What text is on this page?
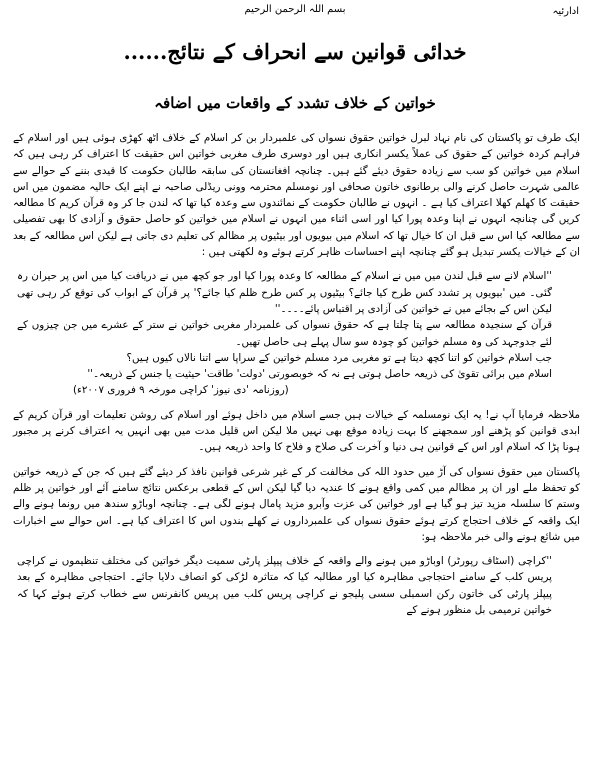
ادارئیہ
بسم اللہ الرحمن الرحیم
خدائی قوانین سے انحراف کے نتائج......
خواتین کے خلاف تشدد کے واقعات میں اضافہ

ایک طرف تو پاکستان کی نام نہاد لبرل خواتین حقوق نسواں کی علمبردار بن کر اسلام کے خلاف اٹھ کھڑی ہوئی ہیں اور اسلام کے فراہم کردہ خواتین کے حقوق کی عملاً یکسر انکاری ہیں اور دوسری طرف مغربی خواتین اس حقیقت کا اعتراف کر رہی ہیں کہ اسلام میں خواتین کو سب سے زیادہ حقوق دیئے گئے ہیں۔ چنانچہ افغانستان کی سابقہ طالبان حکومت کا قیدی بننے کے حوالے سے عالمی شہرت حاصل کرنے والی برطانوی خاتون صحافی اور نومسلم محترمہ وونی ریڈلی صاحبہ نے اپنے ایک حالیہ مضمون میں اس حقیقت کا کھلم کھلا اعتراف کیا ہے ۔ انہوں نے طالبان حکومت کے نمائندوں سے وعدہ کیا تھا کہ لندن جا کر وہ قرآن کریم کا مطالعہ کریں گی چنانچہ انہوں نے اپنا وعدہ پورا کیا اور اسی اثناء میں انہوں نے اسلام میں خواتین کو حاصل حقوق و آزادی کا بھی تفصیلی سے مطالعہ کیا اس سے قبل ان کا خیال تھا کہ اسلام میں بیویوں اور بیٹیوں پر مظالم کی تعلیم دی جاتی ہے لیکن اس مطالعہ کے بعد ان کے خیالات یکسر تبدیل ہو گئے چنانچہ اپنے احساسات ظاہر کرتے ہوئے وہ لکھتی ہیں :

''اسلام لانے سے قبل لندن میں میں نے اسلام کے مطالعہ کا وعدہ پورا کیا اور جو کچھ میں نے دریافت کیا میں اس پر حیران رہ گئی۔ میں 'بیویوں پر تشدد کس طرح کیا جائے؟ بیٹیوں پر کس طرح ظلم کیا جائے؟' پر قرآن کے ابواب کی توقع کر رہی تھی لیکن اس کے بجائے میں نے خواتین کی آزادی پر اقتباس پائے۔۔۔۔''

قرآن کے سنجیدہ مطالعہ سے پتا چلتا ہے کہ حقوق نسواں کی علمبردار مغربی خواتین نے ستر کے عشرے میں جن چیزوں کے لئے جدوجہد کی وہ مسلم خواتین کو چودہ سو سال پہلے ہی حاصل تھیں۔

جب اسلام خواتین کو اتنا کچھ دیتا ہے تو مغربی مرد مسلم خواتین کے سراپا سے اتنا نالاں کیوں ہیں؟

اسلام میں برائی تقویٰ کی ذریعہ حاصل ہوتی ہے نہ کہ خوبصورتی 'دولت' طاقت' حیثیت یا جنس کے ذریعہ۔''

(روزنامہ 'دی نیوز' کراچی مورخہ ۹ فروری ۲۰۰۷ء)

ملاحظہ فرمایا آپ نے! یہ ایک نومسلمہ کے خیالات ہیں جسے اسلام میں داخل ہوئے اور اسلام کی روشن تعلیمات اور قرآن کریم کے ابدی قوانین کو پڑھنے اور سمجھنے کا بہت زیادہ موقع بھی نہیں ملا لیکن اس قلیل مدت میں بھی انہیں یہ اعتراف کرنے پر مجبور ہونا پڑا کہ اسلام اور اس کے قوانین ہی دنیا و آخرت کی صلاح و فلاح کا واحد ذریعہ ہیں۔

پاکستان میں حقوق نسواں کی آڑ میں حدود اللہ کی مخالفت کر کے غیر شرعی قوانین نافذ کر دیئے گئے ہیں کہ جن کے ذریعہ خواتین کو تحفظ ملے اور ان پر مظالم میں کمی واقع ہونے کا عندیہ دیا گیا لیکن اس کے قطعی برعکس نتائج سامنے آئے اور خواتین پر ظلم وستم کا سلسلہ مزید تیز ہو گیا ہے اور خواتین کی عزت وآبرو مزید پامال ہونے لگی ہے۔ چنانچہ اوباڑو سندھ میں رونما ہونے والے ایک واقعہ کے خلاف احتجاج کرتے ہوئے حقوق نسواں کی علمبرداروں نے کھلے بندوں اس کا اعتراف کیا ہے۔ اس حوالے سے اخبارات میں شائع ہونے والی خبر ملاحظہ ہو:

''کراچی (اسٹاف رپورٹر) اوباڑو میں ہونے والے واقعہ کے خلاف پیپلز پارٹی سمیت دیگر خواتین کی مختلف تنظیموں نے کراچی پریس کلب کے سامنے احتجاجی مظاہرہ کیا اور مطالبہ کیا کہ متاثرہ لڑکی کو انصاف دلایا جائے۔ احتجاجی مظاہرہ کے بعد پیپلز پارٹی کی خاتون رکن اسمبلی سسی پلیجو نے کراچی پریس کلب میں پریس کانفرنس سے خطاب کرتے ہوئے کہا کہ خواتین ترمیمی بل منظور ہونے کے
